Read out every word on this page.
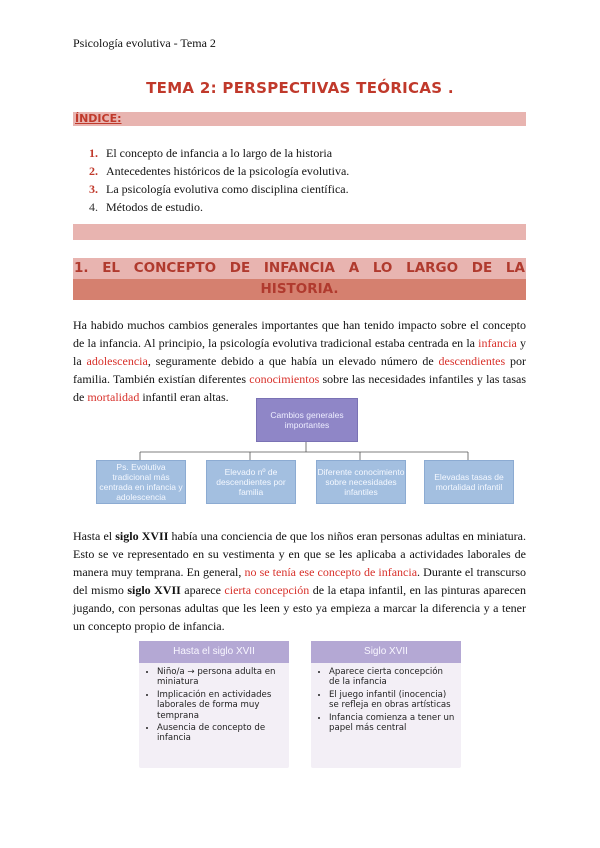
Psicología evolutiva - Tema 2
TEMA 2: PERSPECTIVAS TEÓRICAS .
ÍNDICE:
1. El concepto de infancia a lo largo de la historia
2. Antecedentes históricos de la psicología evolutiva.
3. La psicología evolutiva como disciplina científica.
4. Métodos de estudio.
1. EL CONCEPTO DE INFANCIA A LO LARGO DE LA
HISTORIA.

Ha habido muchos cambios generales importantes que han tenido impacto sobre el concepto de la infancia. Al principio, la psicología evolutiva tradicional estaba centrada en la infancia y la adolescencia, seguramente debido a que había un elevado número de descendientes por familia. También existían diferentes conocimientos sobre las necesidades infantiles y las tasas de mortalidad infantil eran altas.

Cambios generales importantes
Ps. Evolutiva tradicional más centrada en infancia y adolescencia
Elevado nº de descendientes por familia
Diferente conocimiento sobre necesidades infantiles
Elevadas tasas de mortalidad infantil

Hasta el siglo XVII había una conciencia de que los niños eran personas adultas en miniatura. Esto se ve representado en su vestimenta y en que se les aplicaba a actividades laborales de manera muy temprana. En general, no se tenía ese concepto de infancia. Durante el transcurso del mismo siglo XVII aparece cierta concepción de la etapa infantil, en las pinturas aparecen jugando, con personas adultas que les leen y esto ya empieza a marcar la diferencia y a tener un concepto propio de infancia.

Hasta el siglo XVII
• Niño/a → persona adulta en miniatura
• Implicación en actividades laborales de forma muy temprana
• Ausencia de concepto de infancia
Siglo XVII
• Aparece cierta concepción de la infancia
• El juego infantil (inocencia) se refleja en obras artísticas
• Infancia comienza a tener un papel más central
